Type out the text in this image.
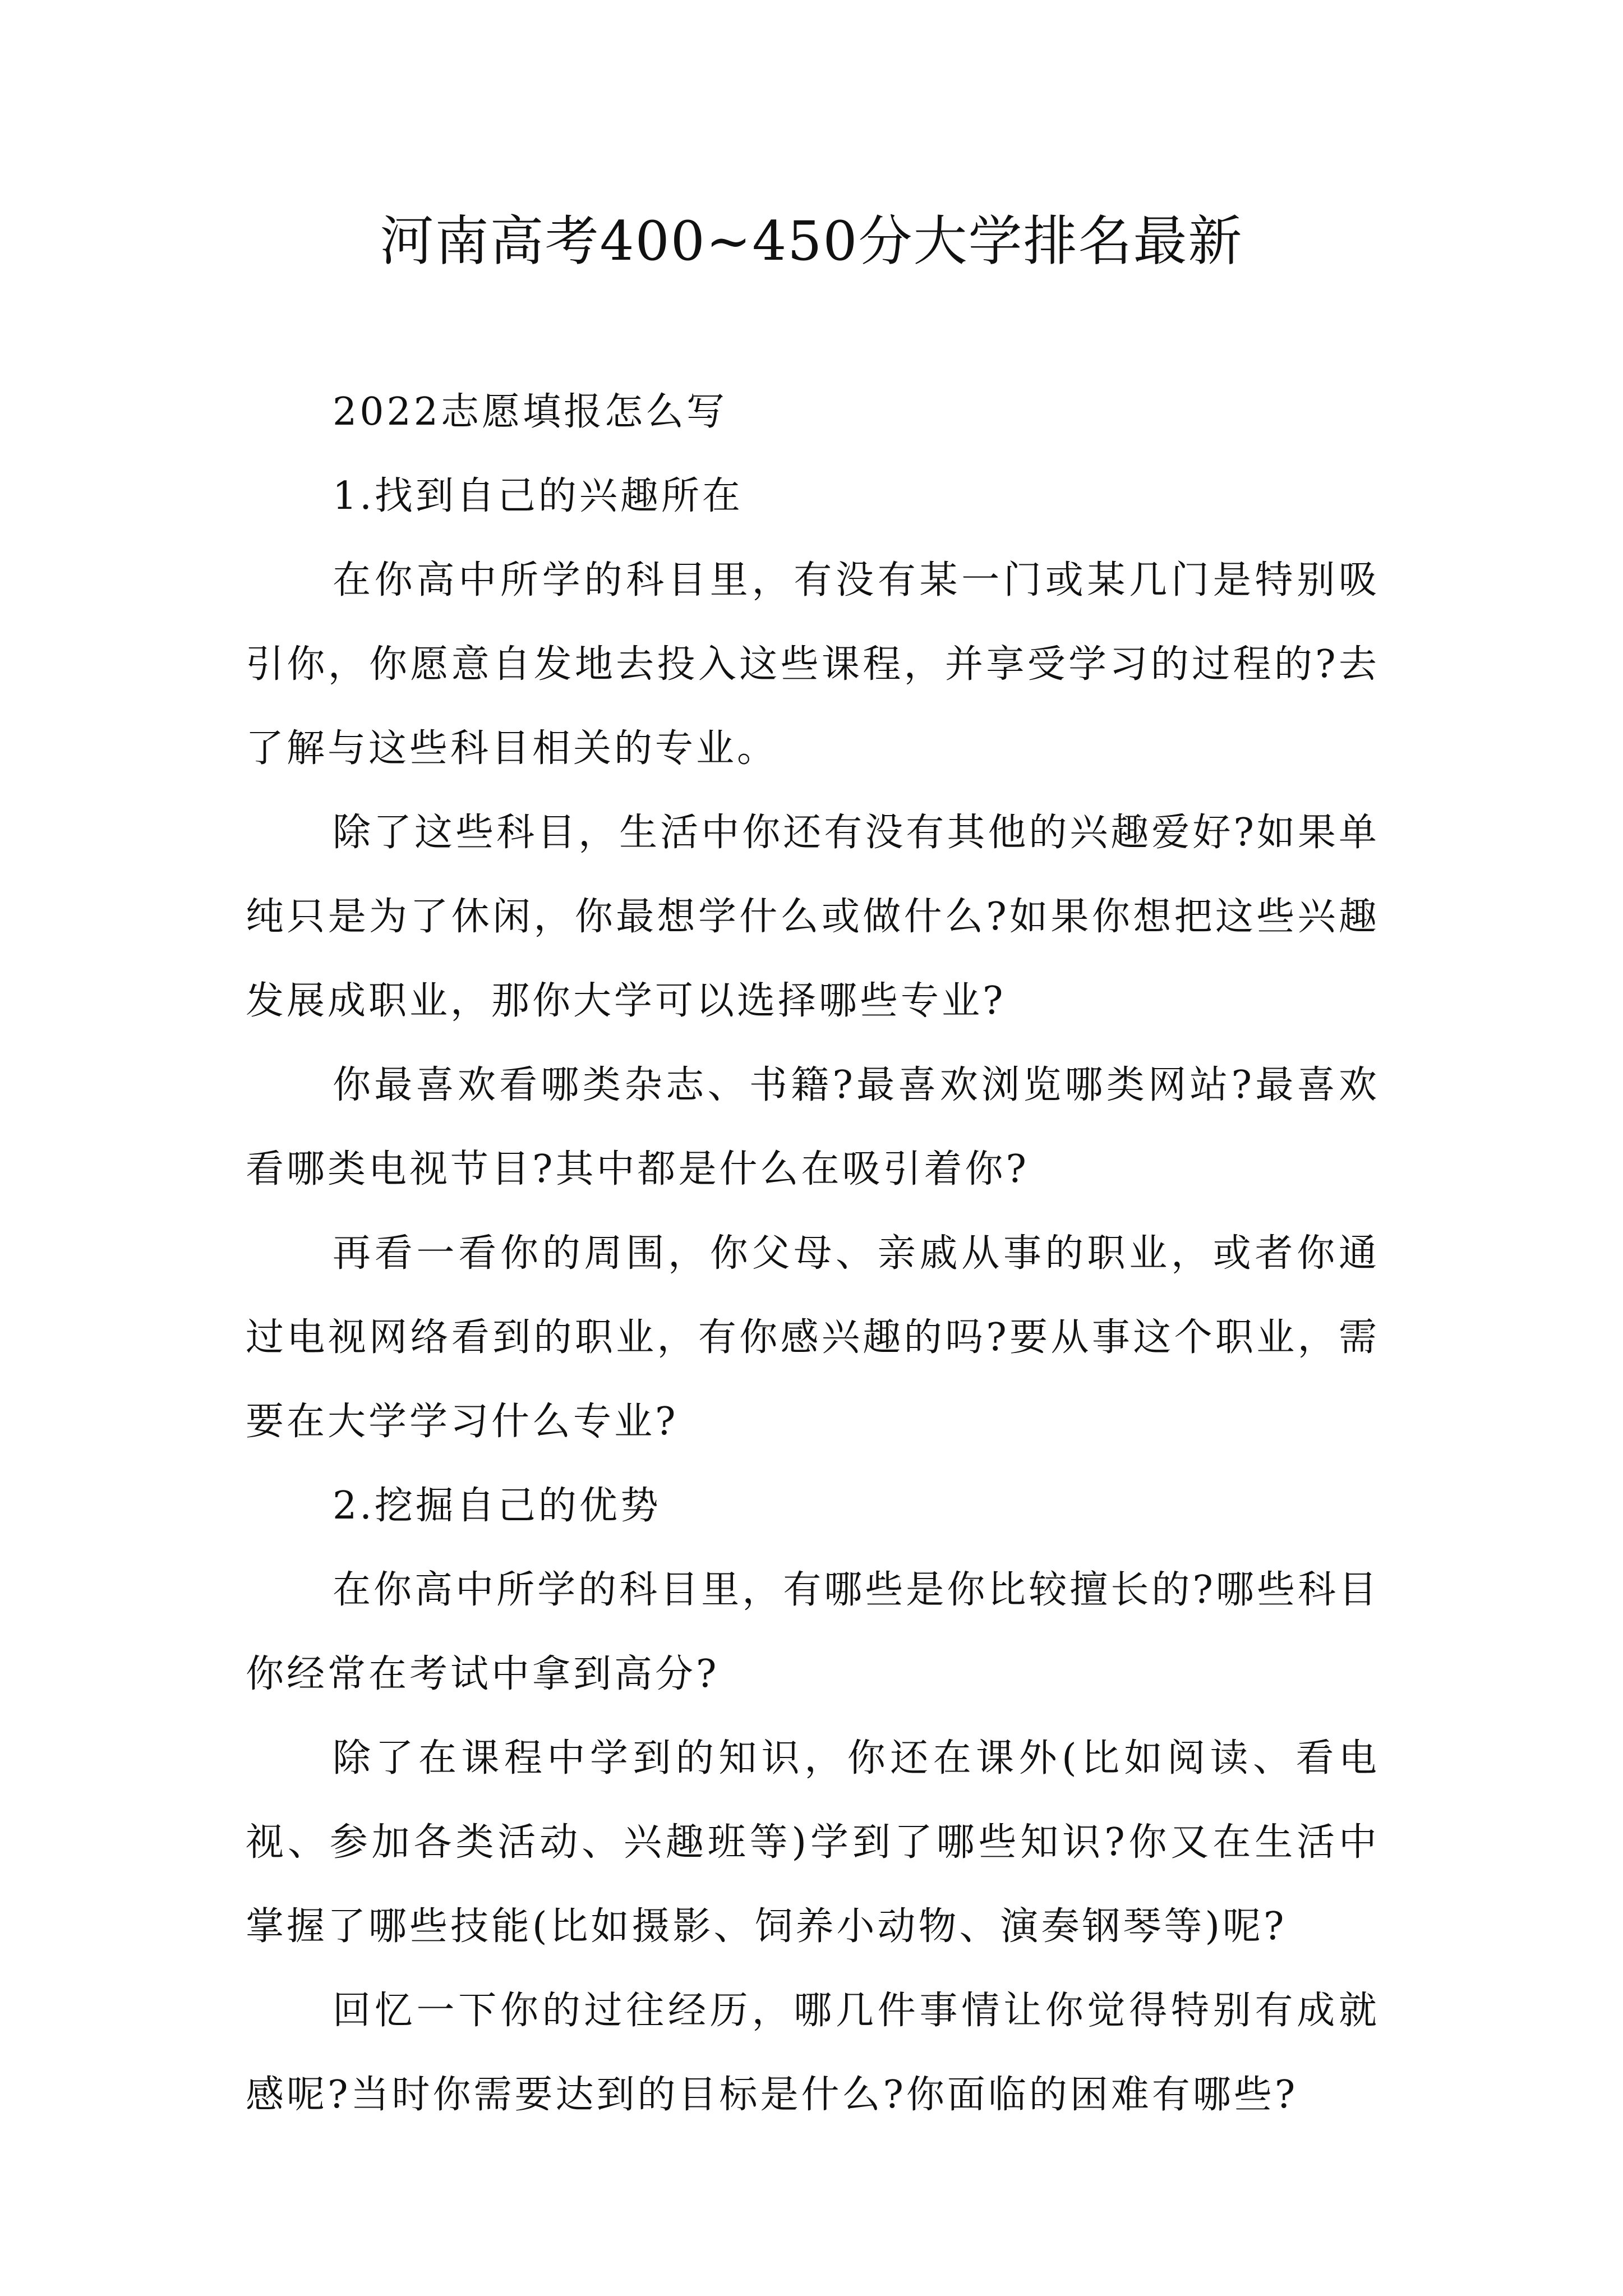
河南高考400~450分大学排名最新

2022志愿填报怎么写

1.找到自己的兴趣所在

在你高中所学的科目里，有没有某一门或某几门是特别吸引你，你愿意自发地去投入这些课程，并享受学习的过程的?去了解与这些科目相关的专业。

除了这些科目，生活中你还有没有其他的兴趣爱好?如果单纯只是为了休闲，你最想学什么或做什么?如果你想把这些兴趣发展成职业，那你大学可以选择哪些专业?

你最喜欢看哪类杂志、书籍?最喜欢浏览哪类网站?最喜欢看哪类电视节目?其中都是什么在吸引着你?

再看一看你的周围，你父母、亲戚从事的职业，或者你通过电视网络看到的职业，有你感兴趣的吗?要从事这个职业，需要在大学学习什么专业?

2.挖掘自己的优势

在你高中所学的科目里，有哪些是你比较擅长的?哪些科目你经常在考试中拿到高分?

除了在课程中学到的知识，你还在课外(比如阅读、看电视、参加各类活动、兴趣班等)学到了哪些知识?你又在生活中掌握了哪些技能(比如摄影、饲养小动物、演奏钢琴等)呢?

回忆一下你的过往经历，哪几件事情让你觉得特别有成就感呢?当时你需要达到的目标是什么?你面临的困难有哪些?
